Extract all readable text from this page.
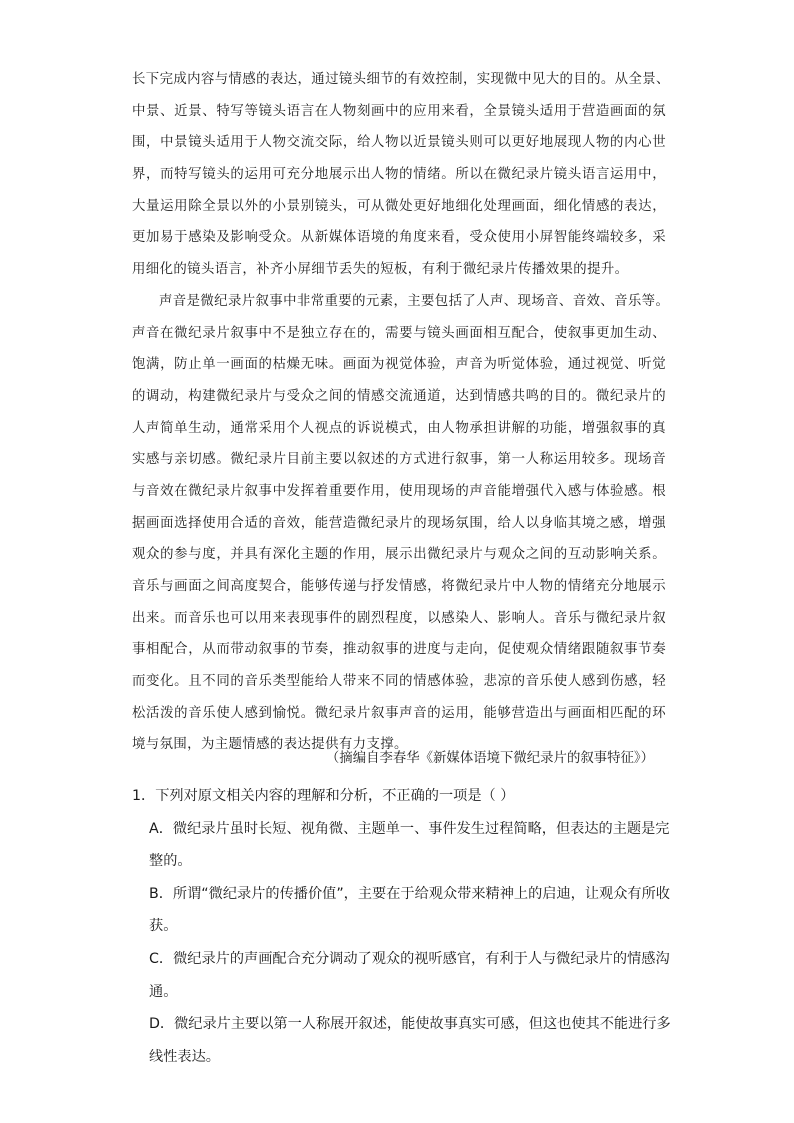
长下完成内容与情感的表达，通过镜头细节的有效控制，实现微中见大的目的。从全景、
中景、近景、特写等镜头语言在人物刻画中的应用来看，全景镜头适用于营造画面的氛
围，中景镜头适用于人物交流交际，给人物以近景镜头则可以更好地展现人物的内心世
界，而特写镜头的运用可充分地展示出人物的情绪。所以在微纪录片镜头语言运用中，
大量运用除全景以外的小景别镜头，可从微处更好地细化处理画面，细化情感的表达，
更加易于感染及影响受众。从新媒体语境的角度来看，受众使用小屏智能终端较多，采
用细化的镜头语言，补齐小屏细节丢失的短板，有利于微纪录片传播效果的提升。
声音是微纪录片叙事中非常重要的元素，主要包括了人声、现场音、音效、音乐等。
声音在微纪录片叙事中不是独立存在的，需要与镜头画面相互配合，使叙事更加生动、
饱满，防止单一画面的枯燥无味。画面为视觉体验，声音为听觉体验，通过视觉、听觉
的调动，构建微纪录片与受众之间的情感交流通道，达到情感共鸣的目的。微纪录片的
人声简单生动，通常采用个人视点的诉说模式，由人物承担讲解的功能，增强叙事的真
实感与亲切感。微纪录片目前主要以叙述的方式进行叙事，第一人称运用较多。现场音
与音效在微纪录片叙事中发挥着重要作用，使用现场的声音能增强代入感与体验感。根
据画面选择使用合适的音效，能营造微纪录片的现场氛围，给人以身临其境之感，增强
观众的参与度，并具有深化主题的作用，展示出微纪录片与观众之间的互动影响关系。
音乐与画面之间高度契合，能够传递与抒发情感，将微纪录片中人物的情绪充分地展示
出来。而音乐也可以用来表现事件的剧烈程度，以感染人、影响人。音乐与微纪录片叙
事相配合，从而带动叙事的节奏，推动叙事的进度与走向，促使观众情绪跟随叙事节奏
而变化。且不同的音乐类型能给人带来不同的情感体验，悲凉的音乐使人感到伤感，轻
松活泼的音乐使人感到愉悦。微纪录片叙事声音的运用，能够营造出与画面相匹配的环
境与氛围，为主题情感的表达提供有力支撑。
（摘编自李春华《新媒体语境下微纪录片的叙事特征》）
1．下列对原文相关内容的理解和分析，不正确的一项是（ ）
A．微纪录片虽时长短、视角微、主题单一、事件发生过程简略，但表达的主题是完
整的。
B．所谓“微纪录片的传播价值”，主要在于给观众带来精神上的启迪，让观众有所收
获。
C．微纪录片的声画配合充分调动了观众的视听感官，有利于人与微纪录片的情感沟
通。
D．微纪录片主要以第一人称展开叙述，能使故事真实可感，但这也使其不能进行多
线性表达。
